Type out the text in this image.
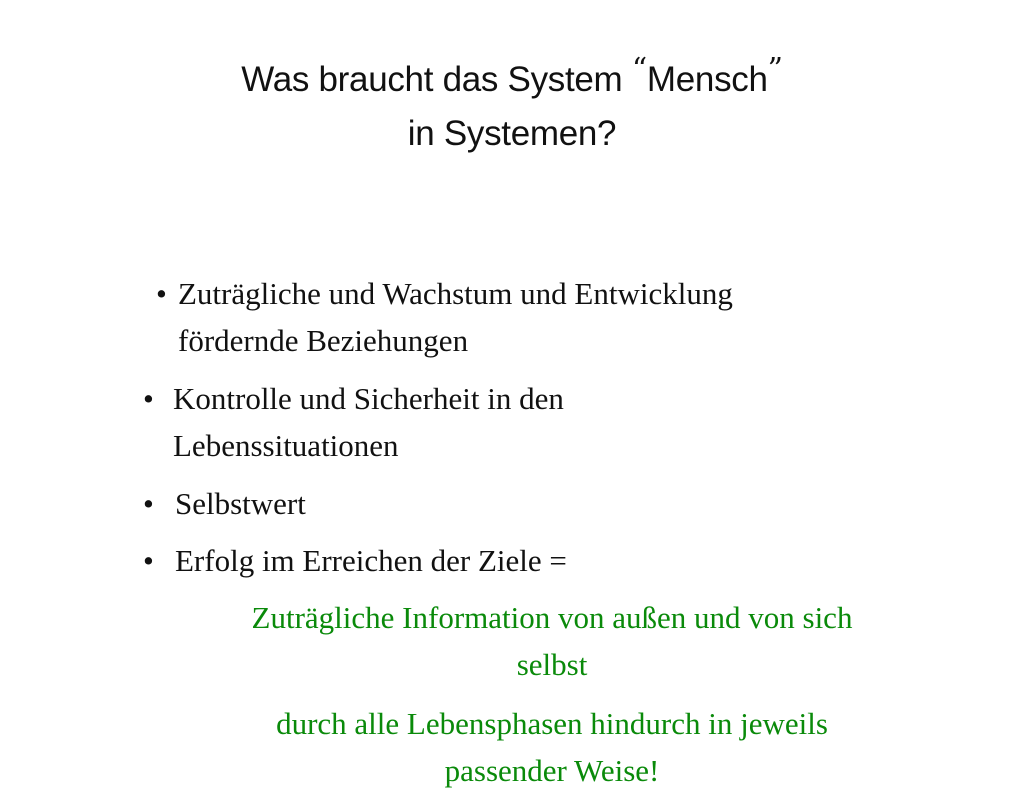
Was braucht das System “Mensch”
in Systemen?
• Zuträgliche und Wachstum und Entwicklung
fördernde Beziehungen
• Kontrolle und Sicherheit in den
Lebenssituationen
• Selbstwert
• Erfolg im Erreichen der Ziele =
Zuträgliche Information von außen und von sich
selbst
durch alle Lebensphasen hindurch in jeweils
passender Weise!
